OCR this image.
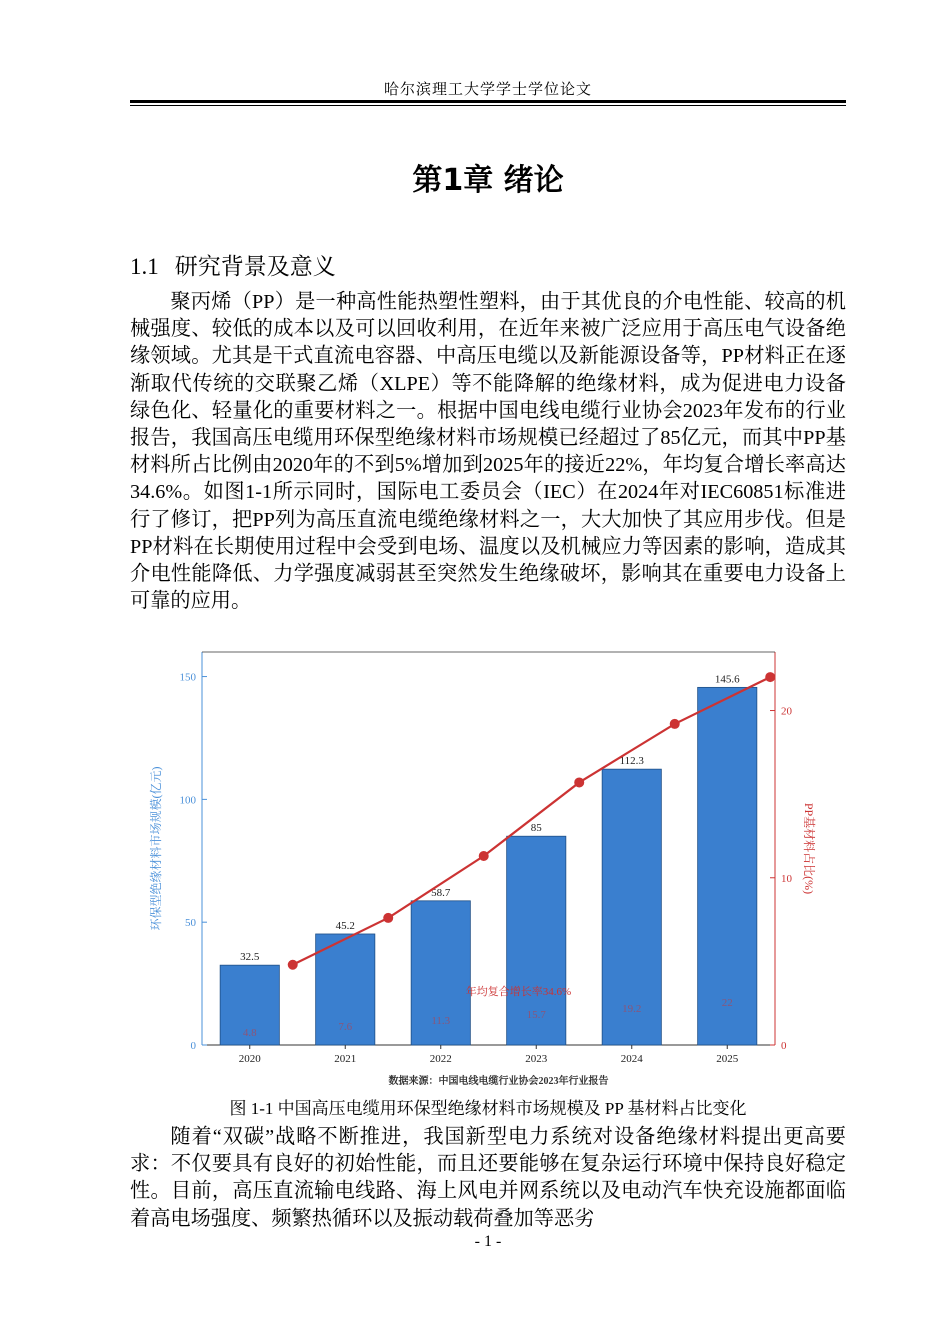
哈尔滨理工大学学士学位论文
第1章 绪论
1.1 研究背景及意义
聚丙烯（PP）是一种高性能热塑性塑料，由于其优良的介电性能、较高的机械强度、较低的成本以及可以回收利用，在近年来被广泛应用于高压电气设备绝缘领域。尤其是干式直流电容器、中高压电缆以及新能源设备等，PP材料正在逐渐取代传统的交联聚乙烯（XLPE）等不能降解的绝缘材料，成为促进电力设备绿色化、轻量化的重要材料之一。根据中国电线电缆行业协会2023年发布的行业报告，我国高压电缆用环保型绝缘材料市场规模已经超过了85亿元，而其中PP基材料所占比例由2020年的不到5%增加到2025年的接近22%，年均复合增长率高达34.6%。如图1-1所示同时，国际电工委员会（IEC）在2024年对IEC60851标准进行了修订，把PP列为高压直流电缆绝缘材料之一，大大加快了其应用步伐。但是PP材料在长期使用过程中会受到电场、温度以及机械应力等因素的影响，造成其介电性能降低、力学强度减弱甚至突然发生绝缘破坏，影响其在重要电力设备上可靠的应用。
0
50
100
150
0
10
20
环保型绝缘材料市场规模(亿元)	PP基材料占比(%)
32.5
45.2
58.7
85
112.3
145.6
2020	2021	2022	2023	2024	2025
4.8	7.6	11.3	15.7	19.2	22
年均复合增长率34.6%
数据来源：中国电线电缆行业协会2023年行业报告
图 1-1 中国高压电缆用环保型绝缘材料市场规模及 PP 基材料占比变化
随着“双碳”战略不断推进，我国新型电力系统对设备绝缘材料提出更高要求：不仅要具有良好的初始性能，而且还要能够在复杂运行环境中保持良好稳定性。目前，高压直流输电线路、海上风电并网系统以及电动汽车快充设施都面临着高电场强度、频繁热循环以及振动载荷叠加等恶劣
- 1 -
